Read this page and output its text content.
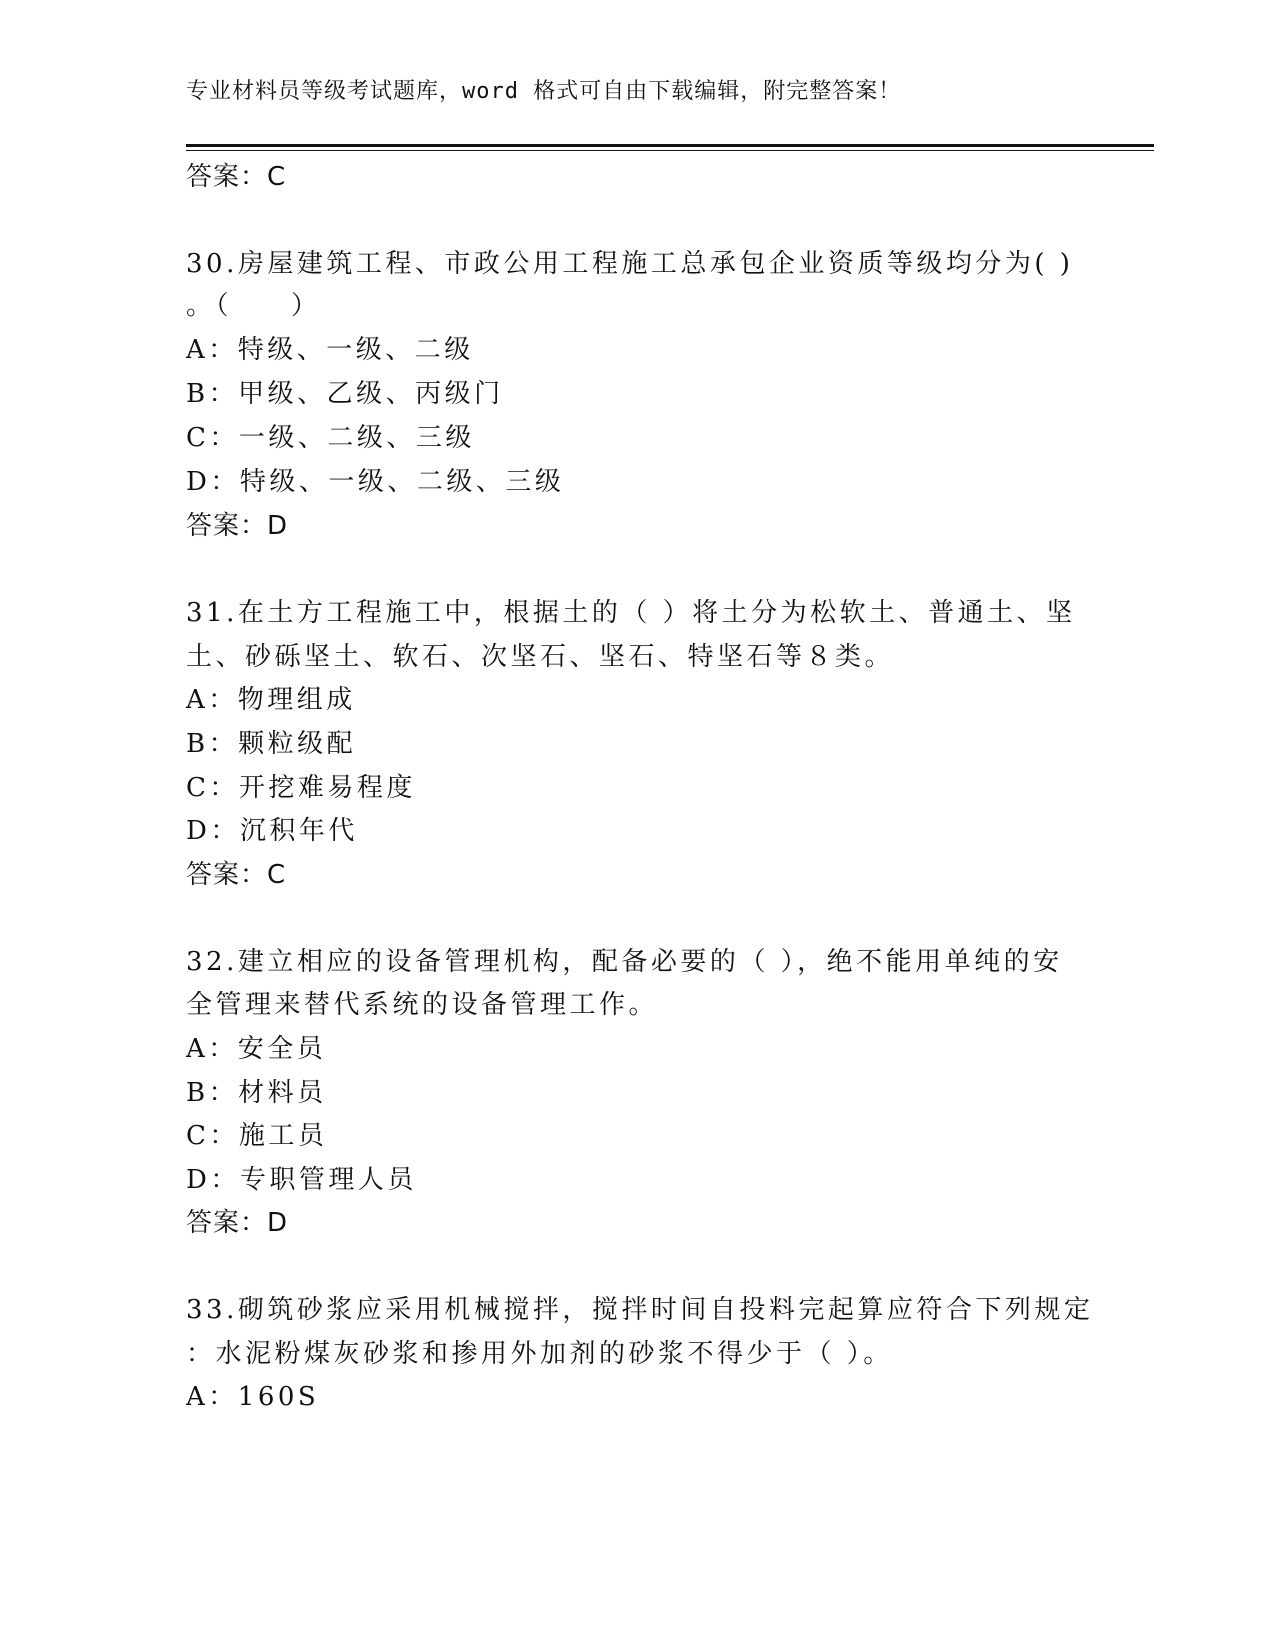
专业材料员等级考试题库，word 格式可自由下载编辑，附完整答案！
答案：C
30.房屋建筑工程、市政公用工程施工总承包企业资质等级均分为( )
。（　　）
A：特级、一级、二级
B：甲级、乙级、丙级门
C：一级、二级、三级
D：特级、一级、二级、三级
答案：D
31.在土方工程施工中，根据土的（ ）将土分为松软土、普通土、坚
土、砂砾坚土、软石、次坚石、坚石、特坚石等８类。
A：物理组成
B：颗粒级配
C：开挖难易程度
D：沉积年代
答案：C
32.建立相应的设备管理机构，配备必要的（ ），绝不能用单纯的安
全管理来替代系统的设备管理工作。
A：安全员
B：材料员
C：施工员
D：专职管理人员
答案：D
33.砌筑砂浆应采用机械搅拌，搅拌时间自投料完起算应符合下列规定
：水泥粉煤灰砂浆和掺用外加剂的砂浆不得少于（ ）。
A：160S
